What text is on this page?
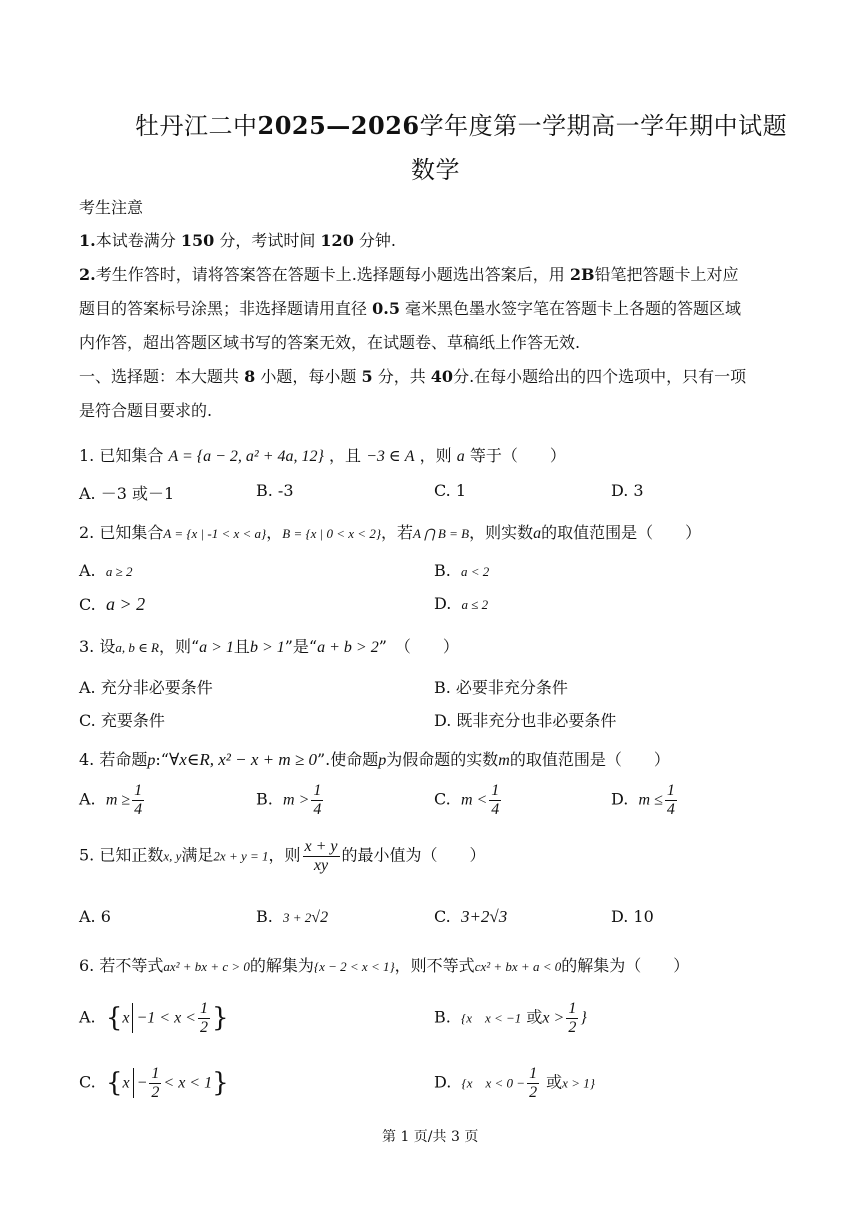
牡丹江二中2025—2026学年度第一学期高一学年期中试题
数学
考生注意
1.本试卷满分 150 分，考试时间 120 分钟.
2.考生作答时，请将答案答在答题卡上.选择题每小题选出答案后，用 2B铅笔把答题卡上对应
题目的答案标号涂黑；非选择题请用直径 0.5 毫米黑色墨水签字笔在答题卡上各题的答题区域
内作答，超出答题区域书写的答案无效，在试题卷、草稿纸上作答无效.
一、选择题：本大题共 8 小题，每小题 5 分，共 40分.在每小题给出的四个选项中，只有一项
是符合题目要求的.
1. 已知集合 A = {a − 2, a² + 4a, 12} ，且 −3 ∈ A ，则 a 等于（　　）
A. －3 或－1	B. -3	C. 1	D. 3
2. 已知集合A = {x | -1 < x < a}，B = {x | 0 < x < 2}，若A ⋂ B = B，则实数a的取值范围是（　　）
A. a ≥ 2	B. a < 2
C. a > 2	D. a ≤ 2
3. 设a, b ∈ R，则“a > 1且b > 1”是“a + b > 2”　（　　）
A. 充分非必要条件	B. 必要非充分条件
C. 充要条件	D. 既非充分也非必要条件
4. 若命题p:“∀x∈R, x² − x + m ≥ 0”.使命题p为假命题的实数m的取值范围是（　　）
A. $m \ge \frac{1}{4}$	B. $m > \frac{1}{4}$	C. $m < \frac{1}{4}$	D. $m \le \frac{1}{4}$
5. 已知正数x, y满足2x + y = 1，则 $\frac{x + y}{xy}$ 的最小值为（　　）
A. 6	B. 3 + 2√2	C. 3+2√3	D. 10
6. 若不等式ax² + bx + c > 0的解集为{x − 2 < x < 1}，则不等式cx² + bx + a < 0的解集为（　　）
A. {$x -1 < x < \frac{1}{2}$ }	B. {x　x < −1 或$x > \frac{1}{2}$ }
C. $\{x - \frac{1}{2} < x < 1\}$	D. {x　$x < 0 - \frac{1}{2}$ 或x > 1}
第 1 页/共 3 页
